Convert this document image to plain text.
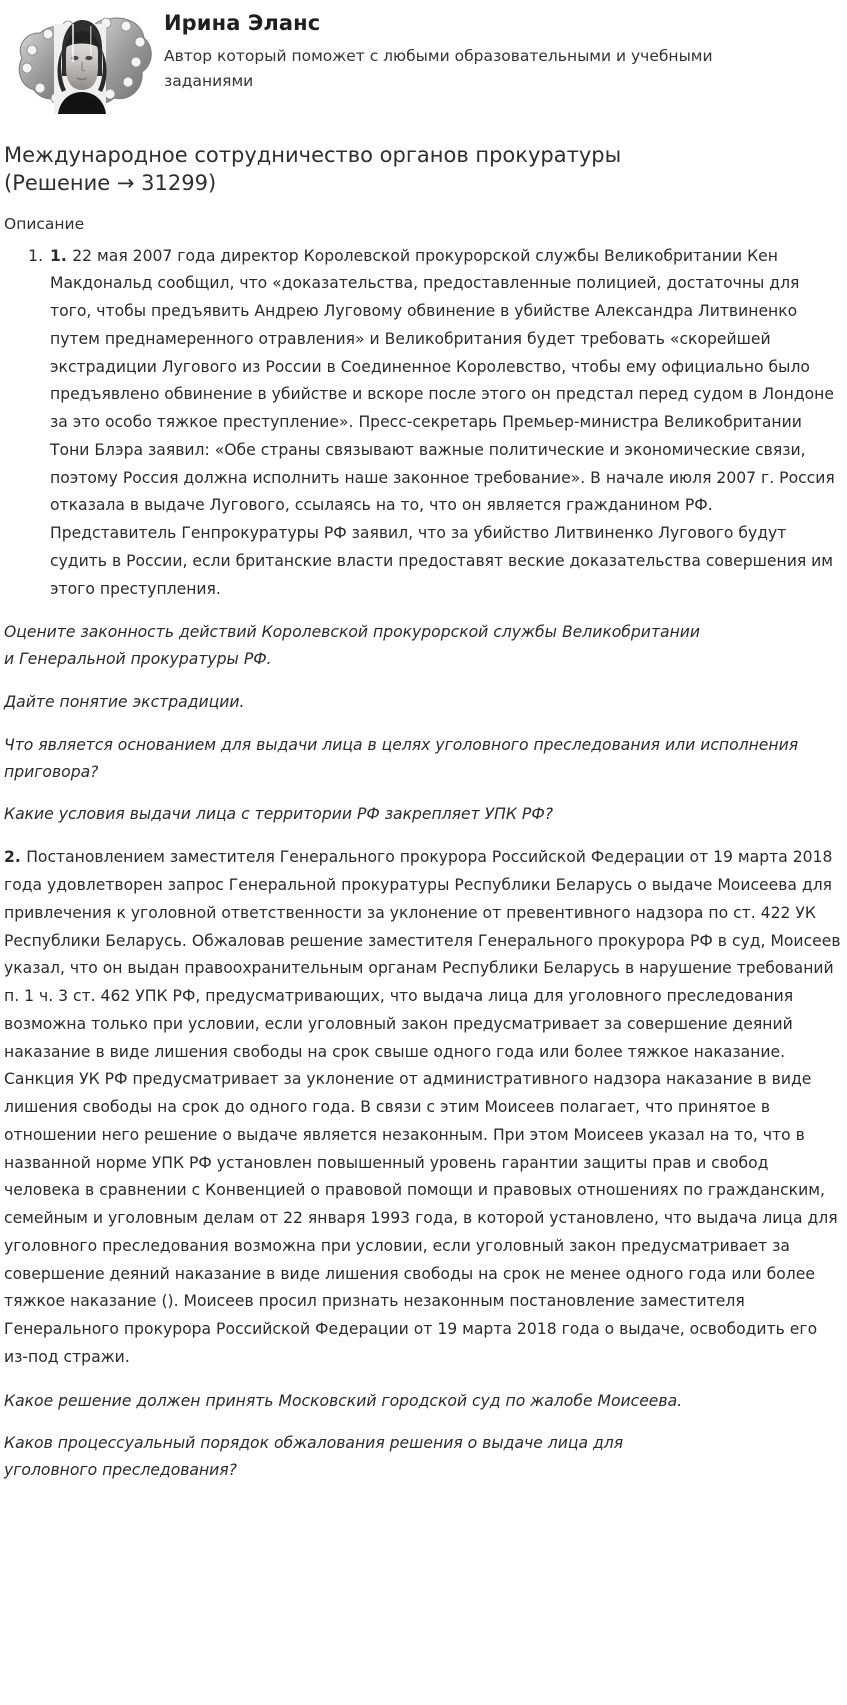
Ирина Эланс
Автор который поможет с любыми образовательными и учебными заданиями
Международное сотрудничество органов прокуратуры (Решение → 31299)
Описание
1. 1. 22 мая 2007 года директор Королевской прокурорской службы Великобритании Кен Макдональд сообщил, что «доказательства, предоставленные полицией, достаточны для того, чтобы предъявить Андрею Луговому обвинение в убийстве Александра Литвиненко путем преднамеренного отравления» и Великобритания будет требовать «скорейшей экстрадиции Лугового из России в Соединенное Королевство, чтобы ему официально было предъявлено обвинение в убийстве и вскоре после этого он предстал перед судом в Лондоне за это особо тяжкое преступление». Пресс-секретарь Премьер-министра Великобритании Тони Блэра заявил: «Обе страны связывают важные политические и экономические связи, поэтому Россия должна исполнить наше законное требование». В начале июля 2007 г. Россия отказала в выдаче Лугового, ссылаясь на то, что он является гражданином РФ. Представитель Генпрокуратуры РФ заявил, что за убийство Литвиненко Лугового будут судить в России, если британские власти предоставят веские доказательства совершения им этого преступления.

Оцените законность действий Королевской прокурорской службы Великобритании и Генеральной прокуратуры РФ.

Дайте понятие экстрадиции.

Что является основанием для выдачи лица в целях уголовного преследования или исполнения приговора?

Какие условия выдачи лица с территории РФ закрепляет УПК РФ?

2. Постановлением заместителя Генерального прокурора Российской Федерации от 19 марта 2018 года удовлетворен запрос Генеральной прокуратуры Республики Беларусь о выдаче Моисеева для привлечения к уголовной ответственности за уклонение от превентивного надзора по ст. 422 УК Республики Беларусь. Обжаловав решение заместителя Генерального прокурора РФ в суд, Моисеев указал, что он выдан правоохранительным органам Республики Беларусь в нарушение требований п. 1 ч. 3 ст. 462 УПК РФ, предусматривающих, что выдача лица для уголовного преследования возможна только при условии, если уголовный закон предусматривает за совершение деяний наказание в виде лишения свободы на срок свыше одного года или более тяжкое наказание. Санкция УК РФ предусматривает за уклонение от административного надзора наказание в виде лишения свободы на срок до одного года. В связи с этим Моисеев полагает, что принятое в отношении него решение о выдаче является незаконным. При этом Моисеев указал на то, что в названной норме УПК РФ установлен повышенный уровень гарантии защиты прав и свобод человека в сравнении с Конвенцией о правовой помощи и правовых отношениях по гражданским, семейным и уголовным делам от 22 января 1993 года, в которой установлено, что выдача лица для уголовного преследования возможна при условии, если уголовный закон предусматривает за совершение деяний наказание в виде лишения свободы на срок не менее одного года или более тяжкое наказание (). Моисеев просил признать незаконным постановление заместителя Генерального прокурора Российской Федерации от 19 марта 2018 года о выдаче, освободить его из-под стражи.

Какое решение должен принять Московский городской суд по жалобе Моисеева.

Каков процессуальный порядок обжалования решения о выдаче лица для уголовного преследования?
